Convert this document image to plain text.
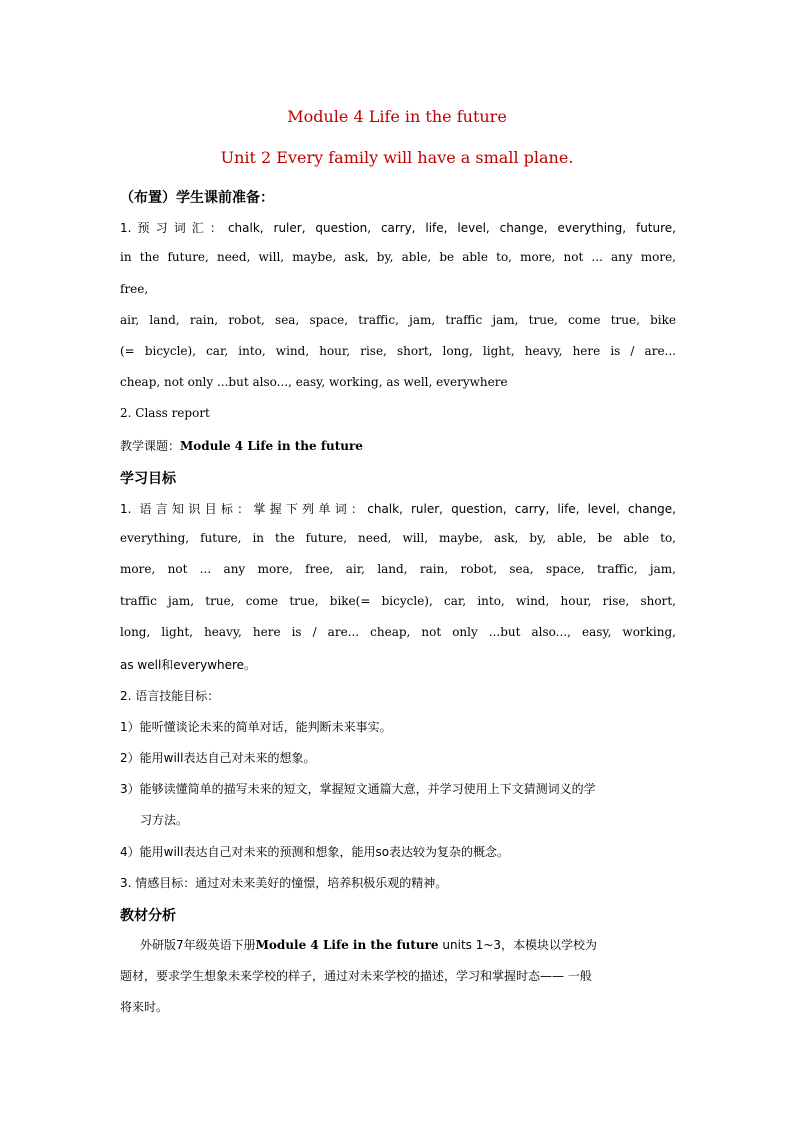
Module 4 Life in the future
Unit 2 Every family will have a small plane.
（布置）学生课前准备：
1.预习词汇：chalk, ruler, question, carry, life, level, change, everything, future,
in the future, need, will, maybe, ask, by, able, be able to, more, not ... any more,
free,
air, land, rain, robot, sea, space, traffic, jam, traffic jam, true, come true, bike
(= bicycle), car, into, wind, hour, rise, short, long, light, heavy, here is / are...
cheap, not only ...but also..., easy, working, as well, everywhere
2. Class report
教学课题：Module 4 Life in the future
学习目标
1. 语言知识目标：掌握下列单词：chalk, ruler, question, carry, life, level, change,
everything, future, in the future, need, will, maybe, ask, by, able, be able to,
more, not ... any more, free, air, land, rain, robot, sea, space, traffic, jam,
traffic jam, true, come true, bike(= bicycle), car, into, wind, hour, rise, short,
long, light, heavy, here is / are... cheap, not only ...but also..., easy, working,
as well和everywhere。
2. 语言技能目标：
1）能听懂谈论未来的简单对话，能判断未来事实。
2）能用will表达自己对未来的想象。
3）能够读懂简单的描写未来的短文，掌握短文通篇大意，并学习使用上下文猜测词义的学
习方法。
4）能用will表达自己对未来的预测和想象，能用so表达较为复杂的概念。
3. 情感目标：通过对未来美好的憧憬，培养积极乐观的精神。
教材分析
外研版7年级英语下册Module 4 Life in the future units 1~3，本模块以学校为
题材，要求学生想象未来学校的样子，通过对未来学校的描述，学习和掌握时态—— 一般
将来时。
